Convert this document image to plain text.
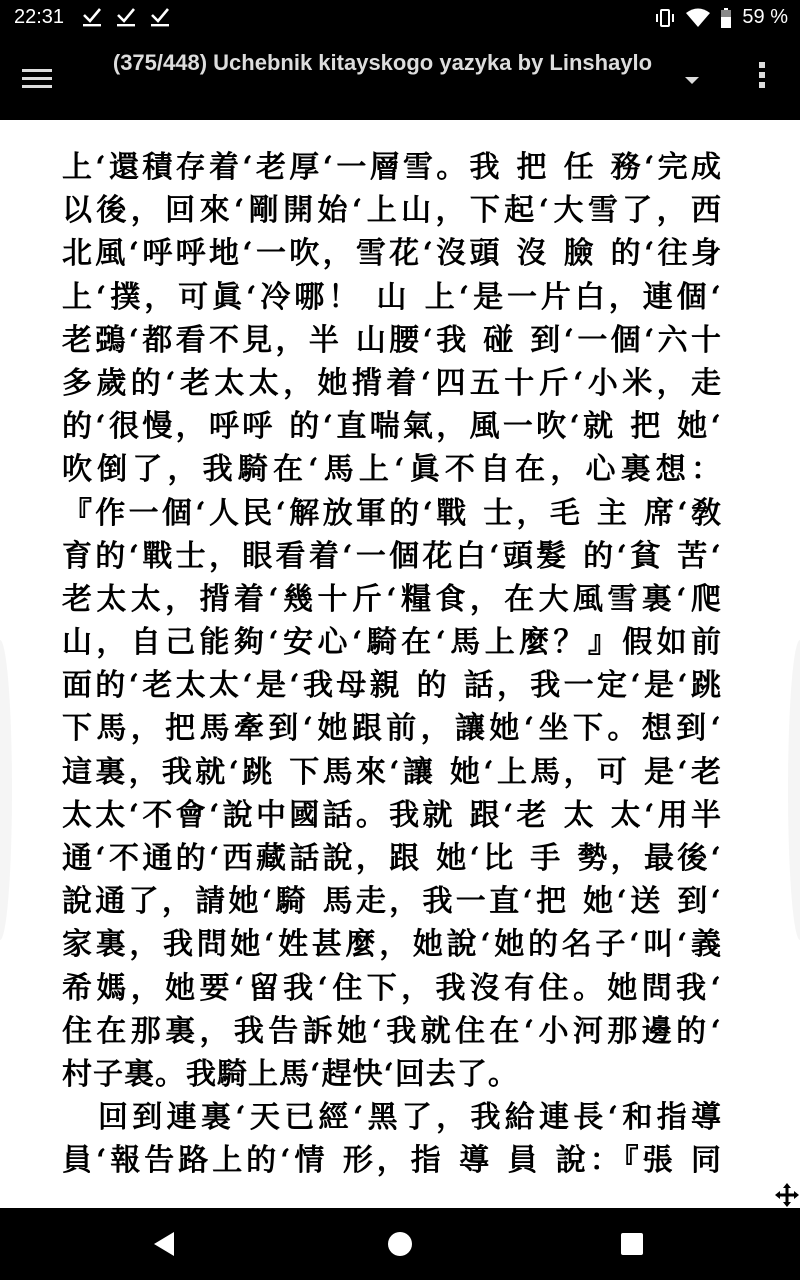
22:31	59 %
(375/448) Uchebnik kitayskogo yazyka by Linshaylo
上‘還積存着‘老厚‘一層雪。我 把 任 務‘完成
以後，回來‘剛開始‘上山，下起‘大雪了，西
北風‘呼呼地‘一吹，雪花‘沒頭 沒 臉 的‘往身
上‘撲，可眞‘冷哪！ 山 上‘是一片白，連個‘
老鵶‘都看不見，半 山腰‘我 碰 到‘一個‘六十
多歲的‘老太太，她揹着‘四五十斤‘小米，走
的‘很慢，呼呼 的‘直喘氣，風一吹‘就 把 她‘
吹倒了，我騎在‘馬上‘眞不自在，心裏想：
『作一個‘人民‘解放軍的‘戰 士，毛 主 席‘敎
育的‘戰士，眼看着‘一個花白‘頭髮 的‘貧 苦‘
老太太，揹着‘幾十斤‘糧食，在大風雪裏‘爬
山，自己能夠‘安心‘騎在‘馬上麼？』假如前
面的‘老太太‘是‘我母親 的 話，我一定‘是‘跳
下馬，把馬牽到‘她跟前，讓她‘坐下。想到‘
這裏，我就‘跳 下馬來‘讓 她‘上馬，可 是‘老
太太‘不會‘說中國話。我就 跟‘老 太 太‘用半
通‘不通的‘西藏話說，跟 她‘比 手 勢，最後‘
說通了，請她‘騎 馬走，我一直‘把 她‘送 到‘
家裏，我問她‘姓甚麼，她說‘她的名子‘叫‘義
希媽，她要‘留我‘住下，我沒有住。她問我‘
住在那裏，我告訴她‘我就住在‘小河那邊的‘
村子裏。我騎上馬‘趕快‘回去了。
回到連裏‘天已經‘黑了，我給連長‘和指導
員‘報告路上的‘情 形，指 導 員 說：『張 同
